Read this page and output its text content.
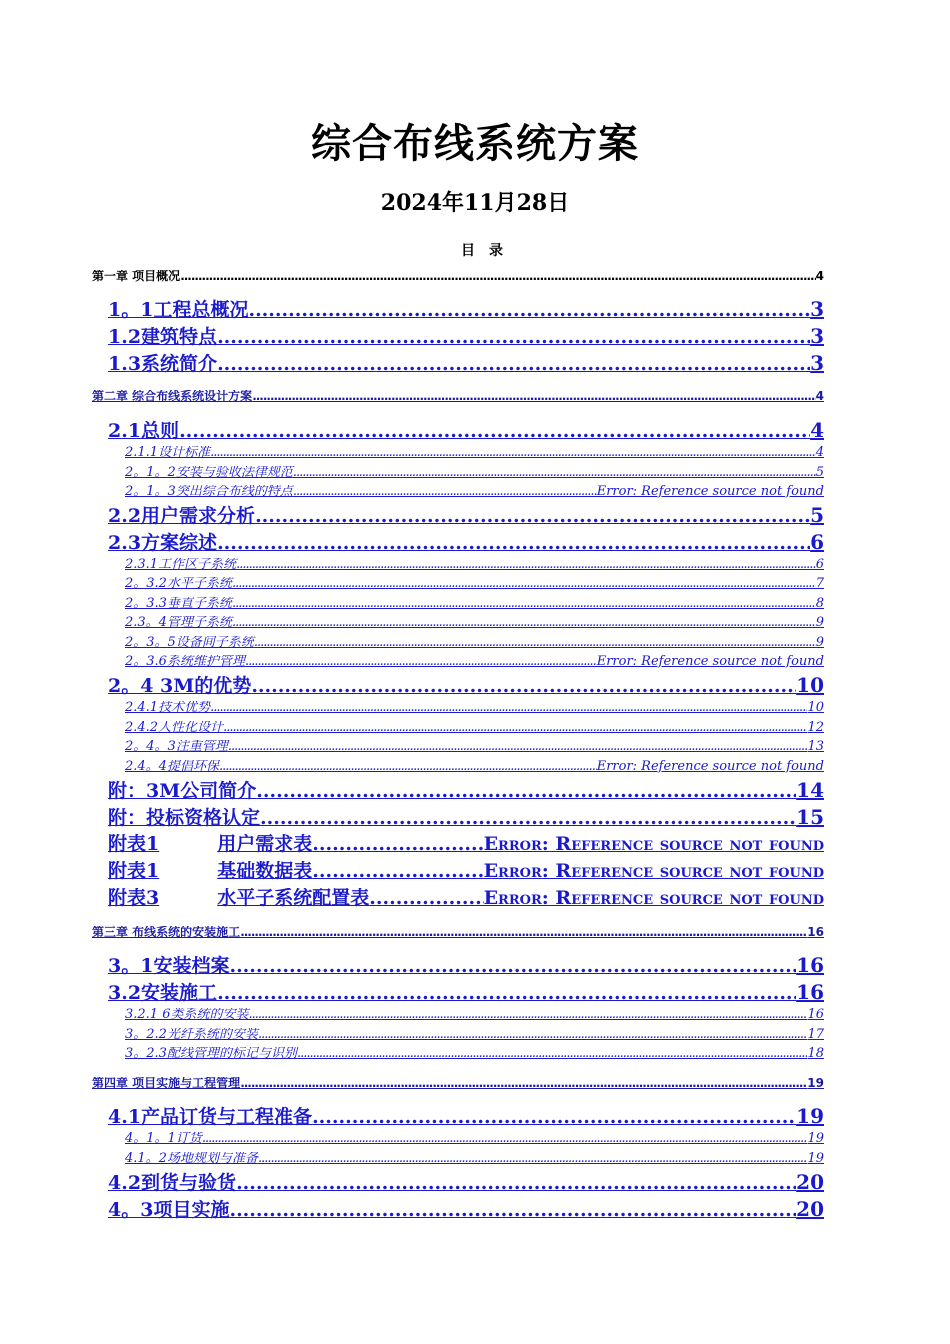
综合布线系统方案
2024年11月28日
目录
第一章 项目概况 .....	4
1。1工程总概况 .....	3
1.2建筑特点 .....	3
1.3系统简介 .....	3
第二章 综合布线系统设计方案 .....	4
2.1总则 .....	4
2.1.1设计标准 .....	4
2。1。2安装与验收法律规范 .....	5
2。1。3突出综合布线的特点 .....	Error: Reference source not found
2.2用户需求分析 .....	5
2.3方案综述 .....	6
2.3.1工作区子系统 .....	6
2。3.2水平子系统 .....	7
2。3.3垂直子系统 .....	8
2.3。4管理子系统 .....	9
2。3。5设备间子系统 .....	9
2。3.6系统维护管理 .....	Error: Reference source not found
2。4 3M的优势 .....	10
2.4.1技术优势 .....	10
2.4.2人性化设计 .....	12
2。4。3注重管理 .....	13
2.4。4提倡环保 .....	Error: Reference source not found
附：3M公司简介 .....	14
附：投标资格认定 .....	15
附表1	用户需求表 .....	Error: Reference source not found
附表1	基础数据表 .....	Error: Reference source not found
附表3	水平子系统配置表 .....	Error: Reference source not found
第三章 布线系统的安装施工 .....	16
3。1安装档案 .....	16
3.2安装施工 .....	16
3.2.1 6类系统的安装 .....	16
3。2.2光纤系统的安装 .....	17
3。2.3配线管理的标记与识别 .....	18
第四章 项目实施与工程管理 .....	19
4.1产品订货与工程准备 .....	19
4。1。1订货 .....	19
4.1。2场地规划与准备 .....	19
4.2到货与验货 .....	20
4。3项目实施 .....	20
